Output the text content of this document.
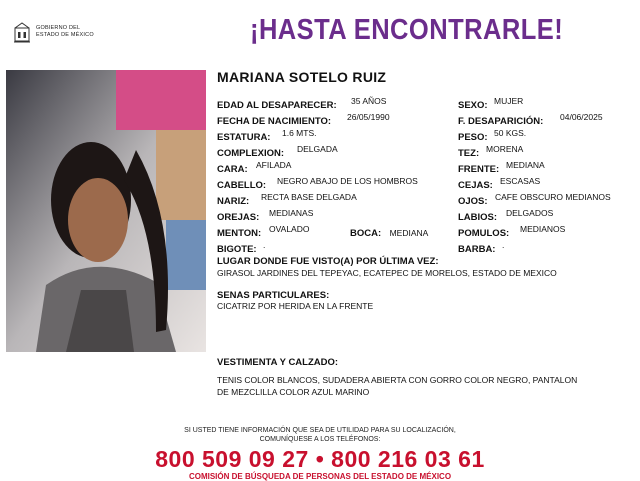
GOBIERNO DEL
ESTADO DE MÉXICO	¡HASTA ENCONTRARLE!
MARIANA SOTELO RUIZ
EDAD AL DESAPARECER: 35 AÑOS
FECHA DE NACIMIENTO: 26/05/1990
ESTATURA: 1.6 MTS.
COMPLEXION: DELGADA
CARA: AFILADA
CABELLO: NEGRO ABAJO DE LOS HOMBROS
NARIZ: RECTA BASE DELGADA
OREJAS: MEDIANAS
MENTON: OVALADO
BIGOTE: .
BOCA: MEDIANA
SEXO: MUJER
F. DESAPARICIÓN: 04/06/2025
PESO: 50 KGS.
TEZ: MORENA
FRENTE: MEDIANA
CEJAS: ESCASAS
OJOS: CAFE OBSCURO MEDIANOS
LABIOS: DELGADOS
POMULOS: MEDIANOS
BARBA: .
LUGAR DONDE FUE VISTO(A) POR ÚLTIMA VEZ:
GIRASOL JARDINES DEL TEPEYAC, ECATEPEC DE MORELOS, ESTADO DE MEXICO
SENAS PARTICULARES:
CICATRIZ POR HERIDA EN LA FRENTE
VESTIMENTA Y CALZADO:
TENIS COLOR BLANCOS, SUDADERA ABIERTA CON GORRO COLOR NEGRO, PANTALON
DE MEZCLILLA COLOR AZUL MARINO
SI USTED TIENE INFORMACIÓN QUE SEA DE UTILIDAD PARA SU LOCALIZACIÓN,
COMUNÍQUESE A LOS TELÉFONOS:
800 509 09 27 • 800 216 03 61
COMISIÓN DE BÚSQUEDA DE PERSONAS DEL ESTADO DE MÉXICO
